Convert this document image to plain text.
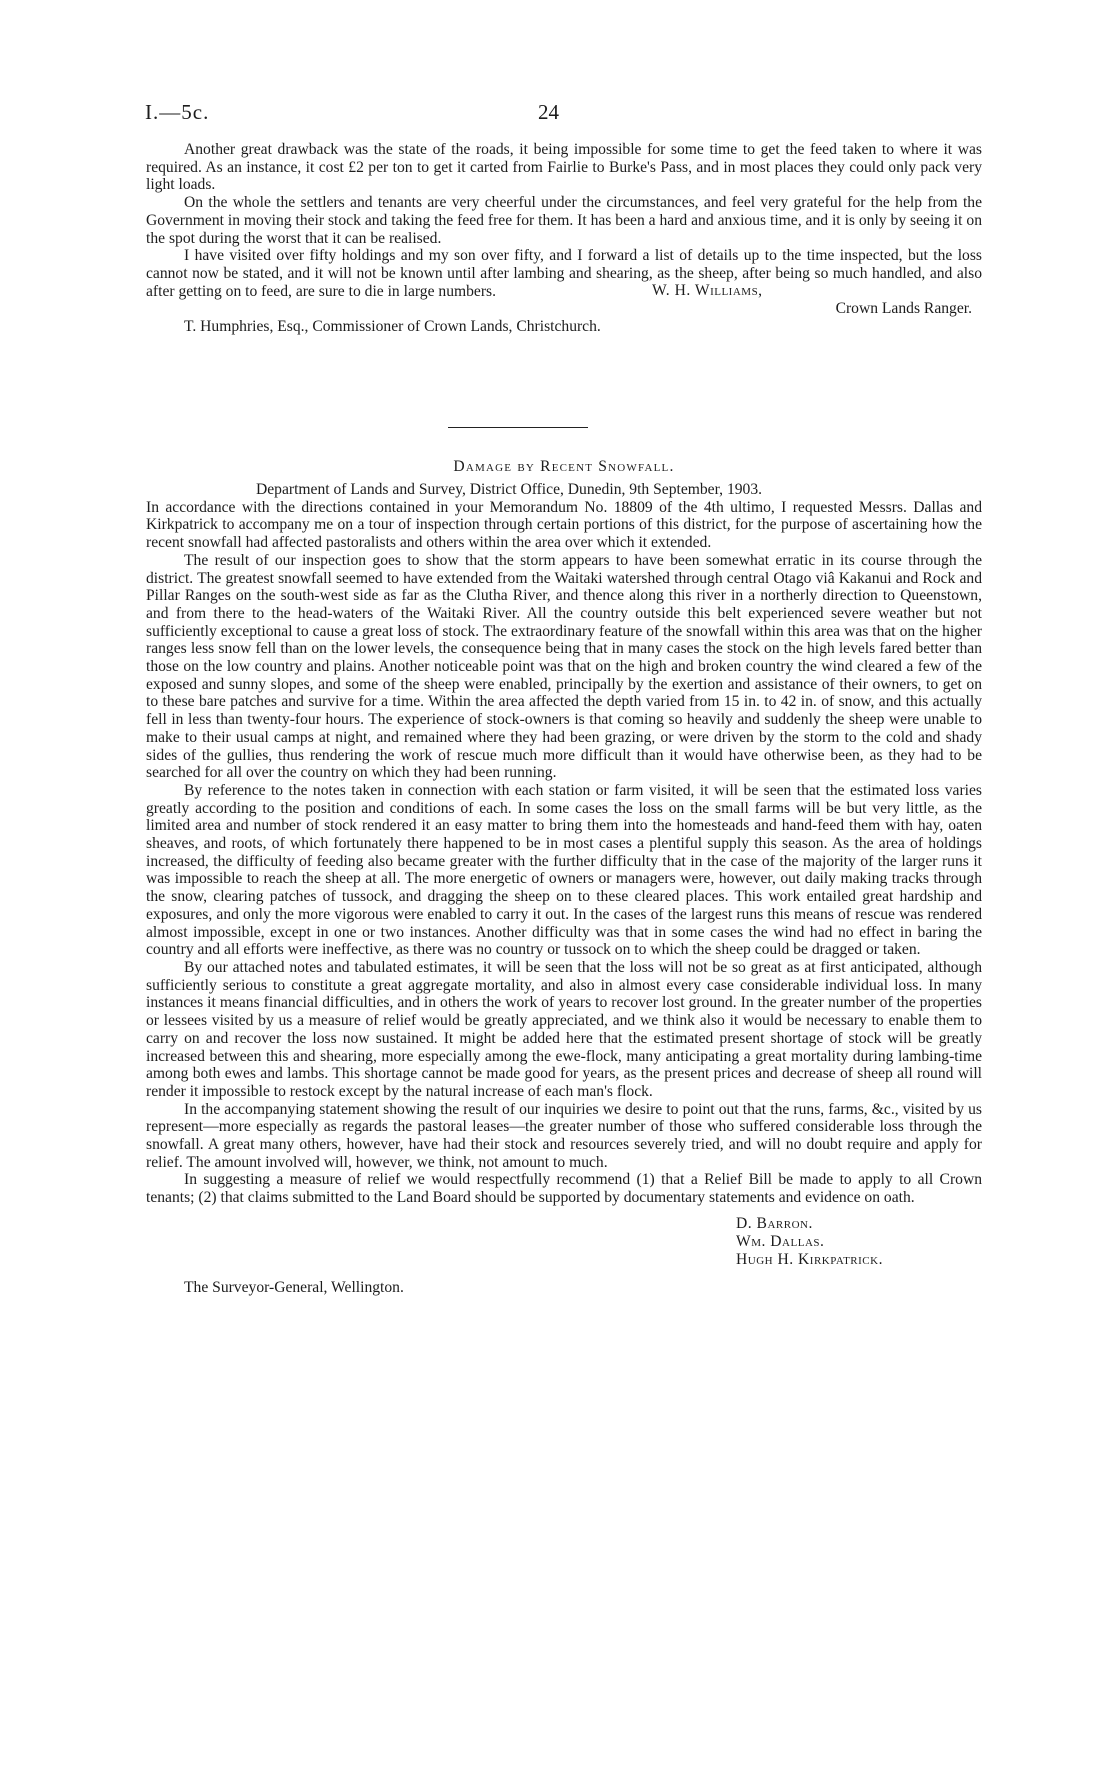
I.—5c.	24

Another great drawback was the state of the roads, it being impossible for some time to get the feed taken to where it was required. As an instance, it cost £2 per ton to get it carted from Fairlie to Burke's Pass, and in most places they could only pack very light loads.

On the whole the settlers and tenants are very cheerful under the circumstances, and feel very grateful for the help from the Government in moving their stock and taking the feed free for them. It has been a hard and anxious time, and it is only by seeing it on the spot during the worst that it can be realised.

I have visited over fifty holdings and my son over fifty, and I forward a list of details up to the time inspected, but the loss cannot now be stated, and it will not be known until after lambing and shearing, as the sheep, after being so much handled, and also after getting on to feed, are sure to die in large numbers.	W. H. Williams,
Crown Lands Ranger.
T. Humphries, Esq., Commissioner of Crown Lands, Christchurch.
Damage by Recent Snowfall.
Department of Lands and Survey, District Office, Dunedin, 9th September, 1903.

In accordance with the directions contained in your Memorandum No. 18809 of the 4th ultimo, I requested Messrs. Dallas and Kirkpatrick to accompany me on a tour of inspection through certain portions of this district, for the purpose of ascertaining how the recent snowfall had affected pastoralists and others within the area over which it extended.

The result of our inspection goes to show that the storm appears to have been somewhat erratic in its course through the district. The greatest snowfall seemed to have extended from the Waitaki watershed through central Otago viâ Kakanui and Rock and Pillar Ranges on the south-west side as far as the Clutha River, and thence along this river in a northerly direction to Queenstown, and from there to the head-waters of the Waitaki River. All the country outside this belt experienced severe weather but not sufficiently exceptional to cause a great loss of stock. The extraordinary feature of the snowfall within this area was that on the higher ranges less snow fell than on the lower levels, the consequence being that in many cases the stock on the high levels fared better than those on the low country and plains. Another noticeable point was that on the high and broken country the wind cleared a few of the exposed and sunny slopes, and some of the sheep were enabled, principally by the exertion and assistance of their owners, to get on to these bare patches and survive for a time. Within the area affected the depth varied from 15 in. to 42 in. of snow, and this actually fell in less than twenty-four hours. The experience of stock-owners is that coming so heavily and suddenly the sheep were unable to make to their usual camps at night, and remained where they had been grazing, or were driven by the storm to the cold and shady sides of the gullies, thus rendering the work of rescue much more difficult than it would have otherwise been, as they had to be searched for all over the country on which they had been running.

By reference to the notes taken in connection with each station or farm visited, it will be seen that the estimated loss varies greatly according to the position and conditions of each. In some cases the loss on the small farms will be but very little, as the limited area and number of stock rendered it an easy matter to bring them into the homesteads and hand-feed them with hay, oaten sheaves, and roots, of which fortunately there happened to be in most cases a plentiful supply this season. As the area of holdings increased, the difficulty of feeding also became greater with the further difficulty that in the case of the majority of the larger runs it was impossible to reach the sheep at all. The more energetic of owners or managers were, however, out daily making tracks through the snow, clearing patches of tussock, and dragging the sheep on to these cleared places. This work entailed great hardship and exposures, and only the more vigorous were enabled to carry it out. In the cases of the largest runs this means of rescue was rendered almost impossible, except in one or two instances. Another difficulty was that in some cases the wind had no effect in baring the country and all efforts were ineffective, as there was no country or tussock on to which the sheep could be dragged or taken.

By our attached notes and tabulated estimates, it will be seen that the loss will not be so great as at first anticipated, although sufficiently serious to constitute a great aggregate mortality, and also in almost every case considerable individual loss. In many instances it means financial difficulties, and in others the work of years to recover lost ground. In the greater number of the properties or lessees visited by us a measure of relief would be greatly appreciated, and we think also it would be necessary to enable them to carry on and recover the loss now sustained. It might be added here that the estimated present shortage of stock will be greatly increased between this and shearing, more especially among the ewe-flock, many anticipating a great mortality during lambing-time among both ewes and lambs. This shortage cannot be made good for years, as the present prices and decrease of sheep all round will render it impossible to restock except by the natural increase of each man's flock.

In the accompanying statement showing the result of our inquiries we desire to point out that the runs, farms, &c., visited by us represent—more especially as regards the pastoral leases—the greater number of those who suffered considerable loss through the snowfall. A great many others, however, have had their stock and resources severely tried, and will no doubt require and apply for relief. The amount involved will, however, we think, not amount to much.

In suggesting a measure of relief we would respectfully recommend (1) that a Relief Bill be made to apply to all Crown tenants; (2) that claims submitted to the Land Board should be supported by documentary statements and evidence on oath.

D. Barron.
Wm. Dallas.
Hugh H. Kirkpatrick.
The Surveyor-General, Wellington.
